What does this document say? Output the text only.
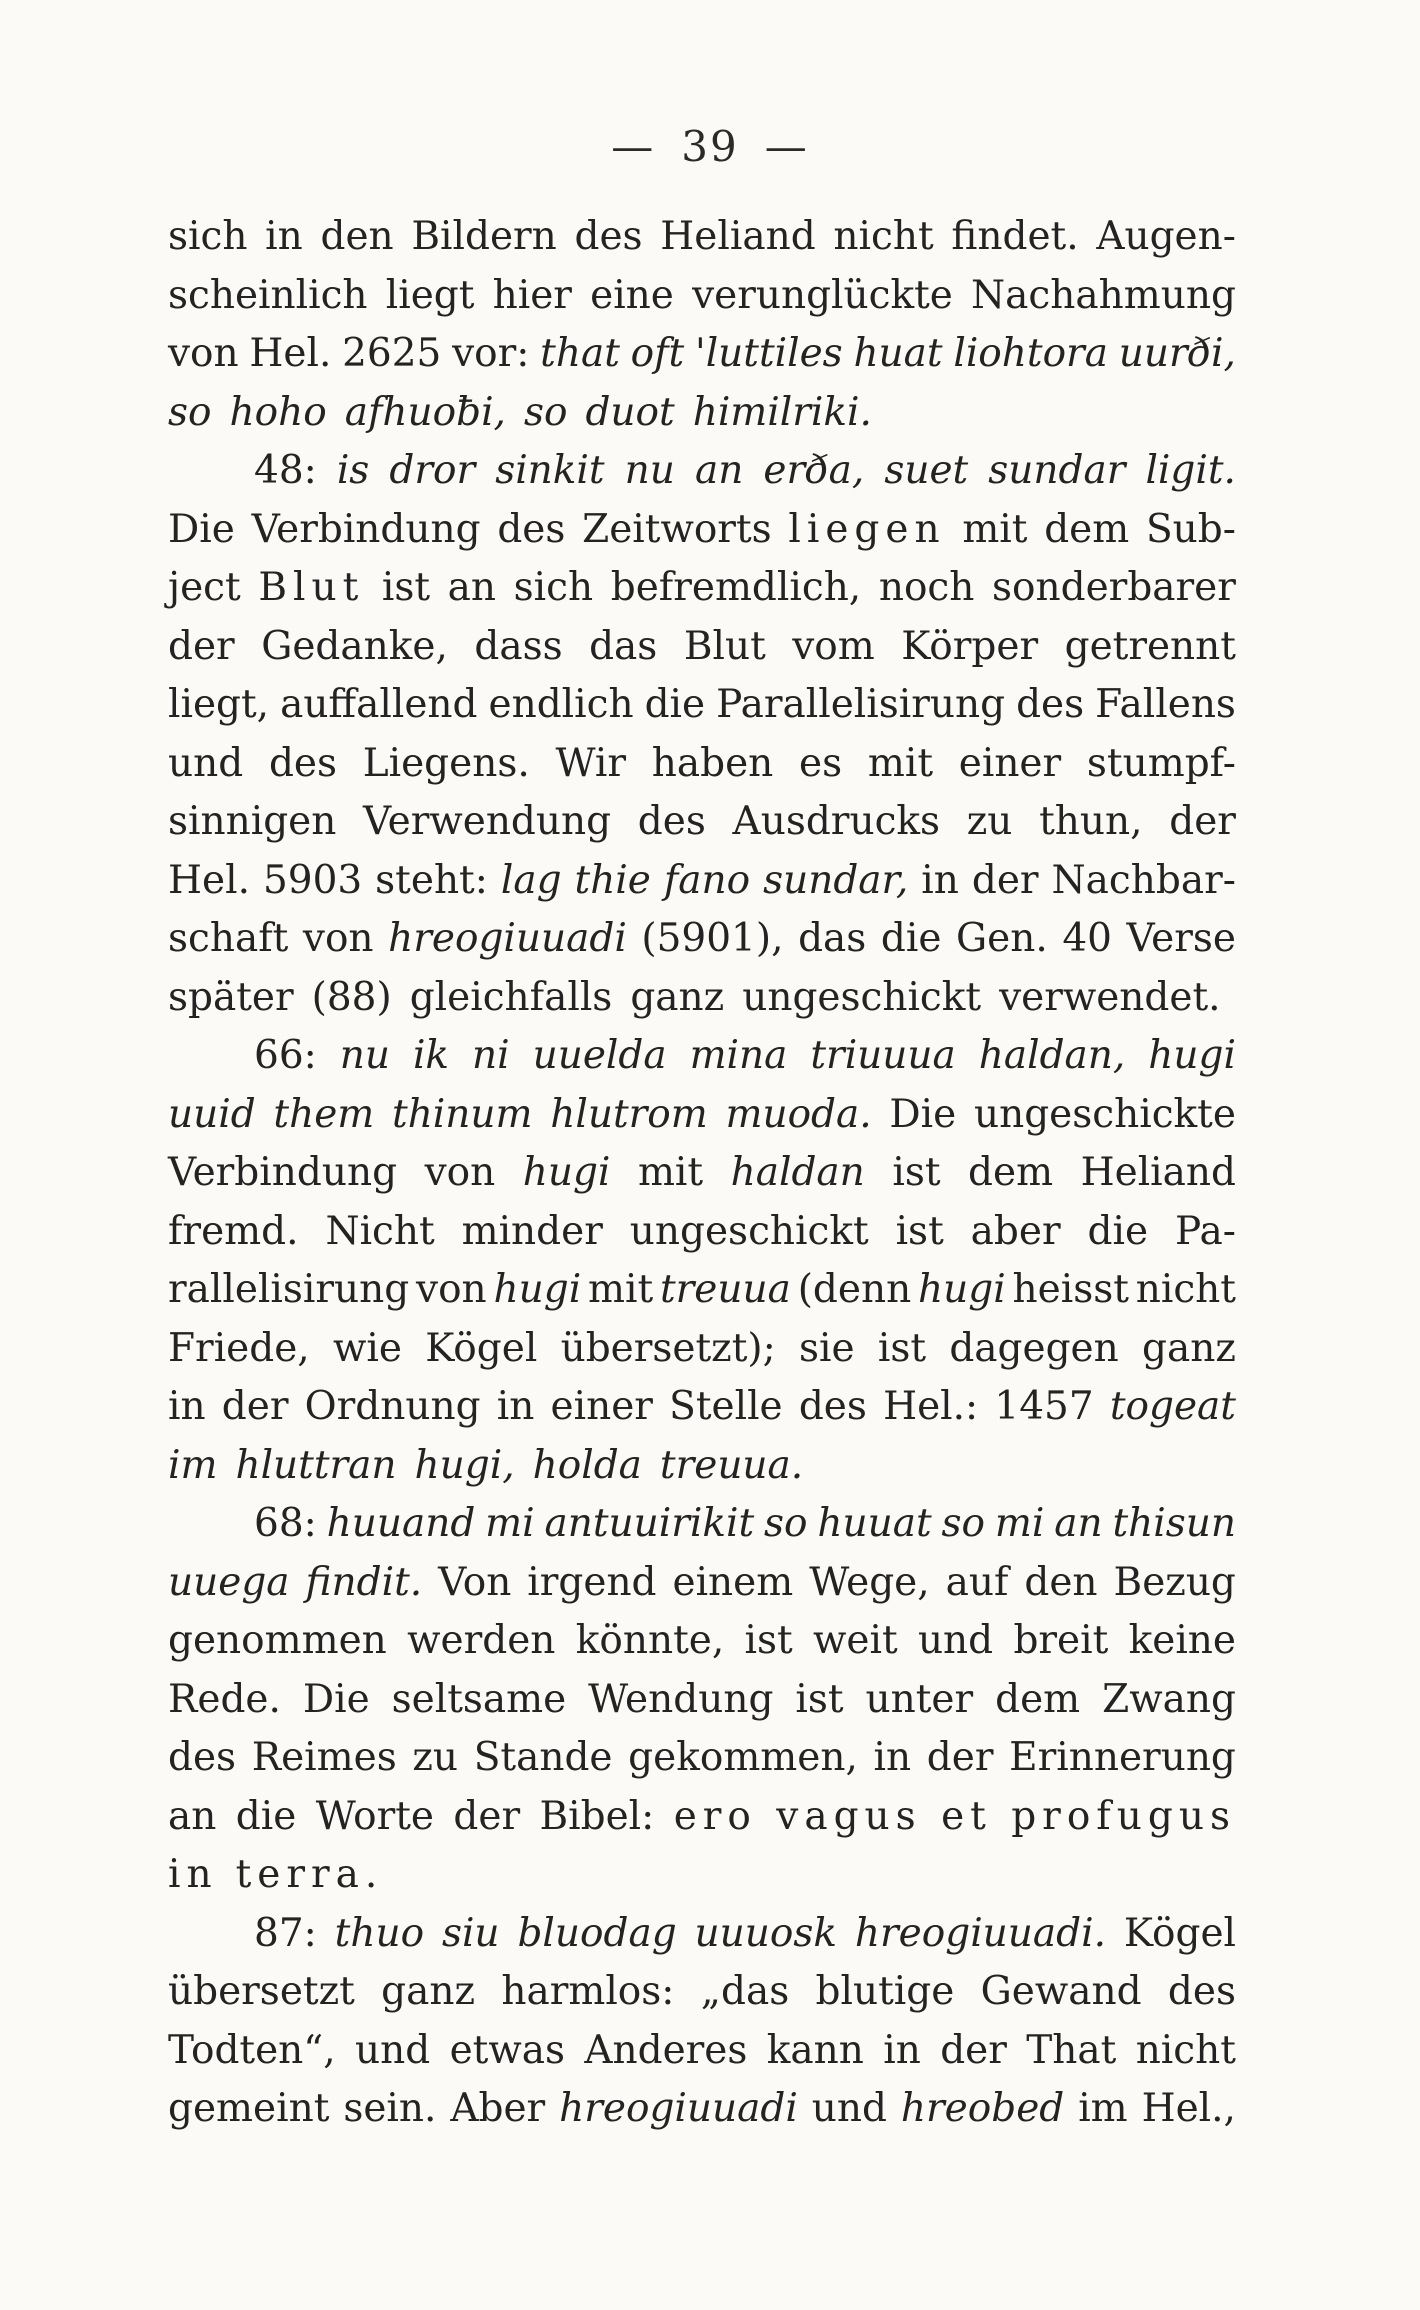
— 39 —
sich in den Bildern des Heliand nicht findet. Augen-
scheinlich liegt hier eine verunglückte Nachahmung
von Hel. 2625 vor: that oft 'luttiles huat liohtora uurði,
so hoho afhuoƀi, so duot himilriki.
48: is dror sinkit nu an erða, suet sundar ligit.
Die Verbindung des Zeitworts liegen mit dem Sub-
ject Blut ist an sich befremdlich, noch sonderbarer
der Gedanke, dass das Blut vom Körper getrennt
liegt, auffallend endlich die Parallelisirung des Fallens
und des Liegens. Wir haben es mit einer stumpf-
sinnigen Verwendung des Ausdrucks zu thun, der
Hel. 5903 steht: lag thie fano sundar, in der Nachbar-
schaft von hreogiuuadi (5901), das die Gen. 40 Verse
später (88) gleichfalls ganz ungeschickt verwendet.
66: nu ik ni uuelda mina triuuua haldan, hugi
uuid them thinum hlutrom muoda. Die ungeschickte
Verbindung von hugi mit haldan ist dem Heliand
fremd. Nicht minder ungeschickt ist aber die Pa-
rallelisirung von hugi mit treuua (denn hugi heisst nicht
Friede, wie Kögel übersetzt); sie ist dagegen ganz
in der Ordnung in einer Stelle des Hel.: 1457 togeat
im hluttran hugi, holda treuua.
68: huuand mi antuuirikit so huuat so mi an thisun
uuega findit. Von irgend einem Wege, auf den Bezug
genommen werden könnte, ist weit und breit keine
Rede. Die seltsame Wendung ist unter dem Zwang
des Reimes zu Stande gekommen, in der Erinnerung
an die Worte der Bibel: ero vagus et profugus
in terra.
87: thuo siu bluodag uuuosk hreogiuuadi. Kögel
übersetzt ganz harmlos: „das blutige Gewand des
Todten“, und etwas Anderes kann in der That nicht
gemeint sein. Aber hreogiuuadi und hreobed im Hel.,
